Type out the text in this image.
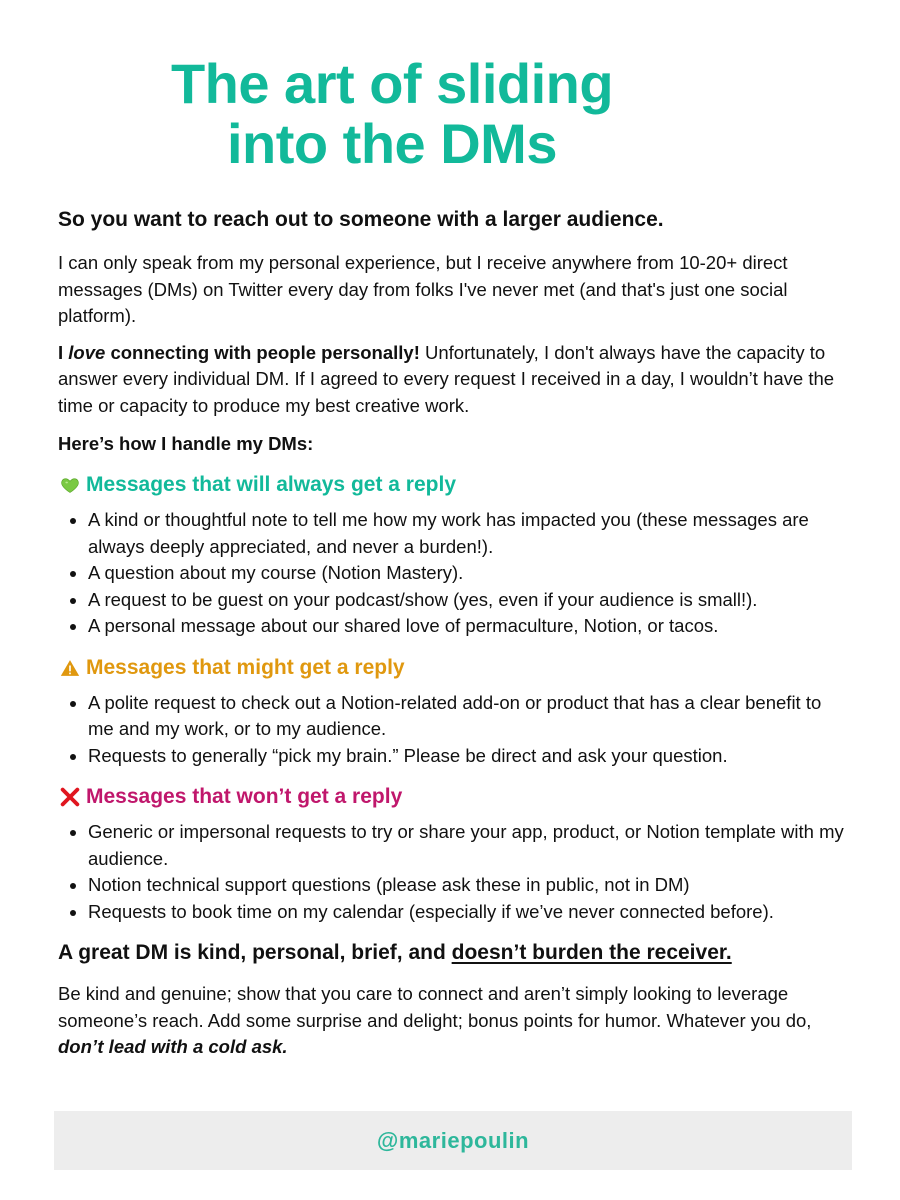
The art of sliding
into the DMs
So you want to reach out to someone with a larger audience.

I can only speak from my personal experience, but I receive anywhere from 10-20+ direct messages (DMs) on Twitter every day from folks I've never met (and that's just one social platform).

I love connecting with people personally! Unfortunately, I don't always have the capacity to answer every individual DM. If I agreed to every request I received in a day, I wouldn’t have the time or capacity to produce my best creative work.

Here’s how I handle my DMs:
Messages that will always get a reply
• A kind or thoughtful note to tell me how my work has impacted you (these messages are always deeply appreciated, and never a burden!).
• A question about my course (Notion Mastery).
• A request to be guest on your podcast/show (yes, even if your audience is small!).
• A personal message about our shared love of permaculture, Notion, or tacos.
Messages that might get a reply
• A polite request to check out a Notion-related add-on or product that has a clear benefit to me and my work, or to my audience.
• Requests to generally “pick my brain.” Please be direct and ask your question.
Messages that won’t get a reply
• Generic or impersonal requests to try or share your app, product, or Notion template with my audience.
• Notion technical support questions (please ask these in public, not in DM)
• Requests to book time on my calendar (especially if we’ve never connected before).
A great DM is kind, personal, brief, and doesn’t burden the receiver.

Be kind and genuine; show that you care to connect and aren’t simply looking to leverage someone’s reach. Add some surprise and delight; bonus points for humor. Whatever you do, don’t lead with a cold ask.

@mariepoulin
